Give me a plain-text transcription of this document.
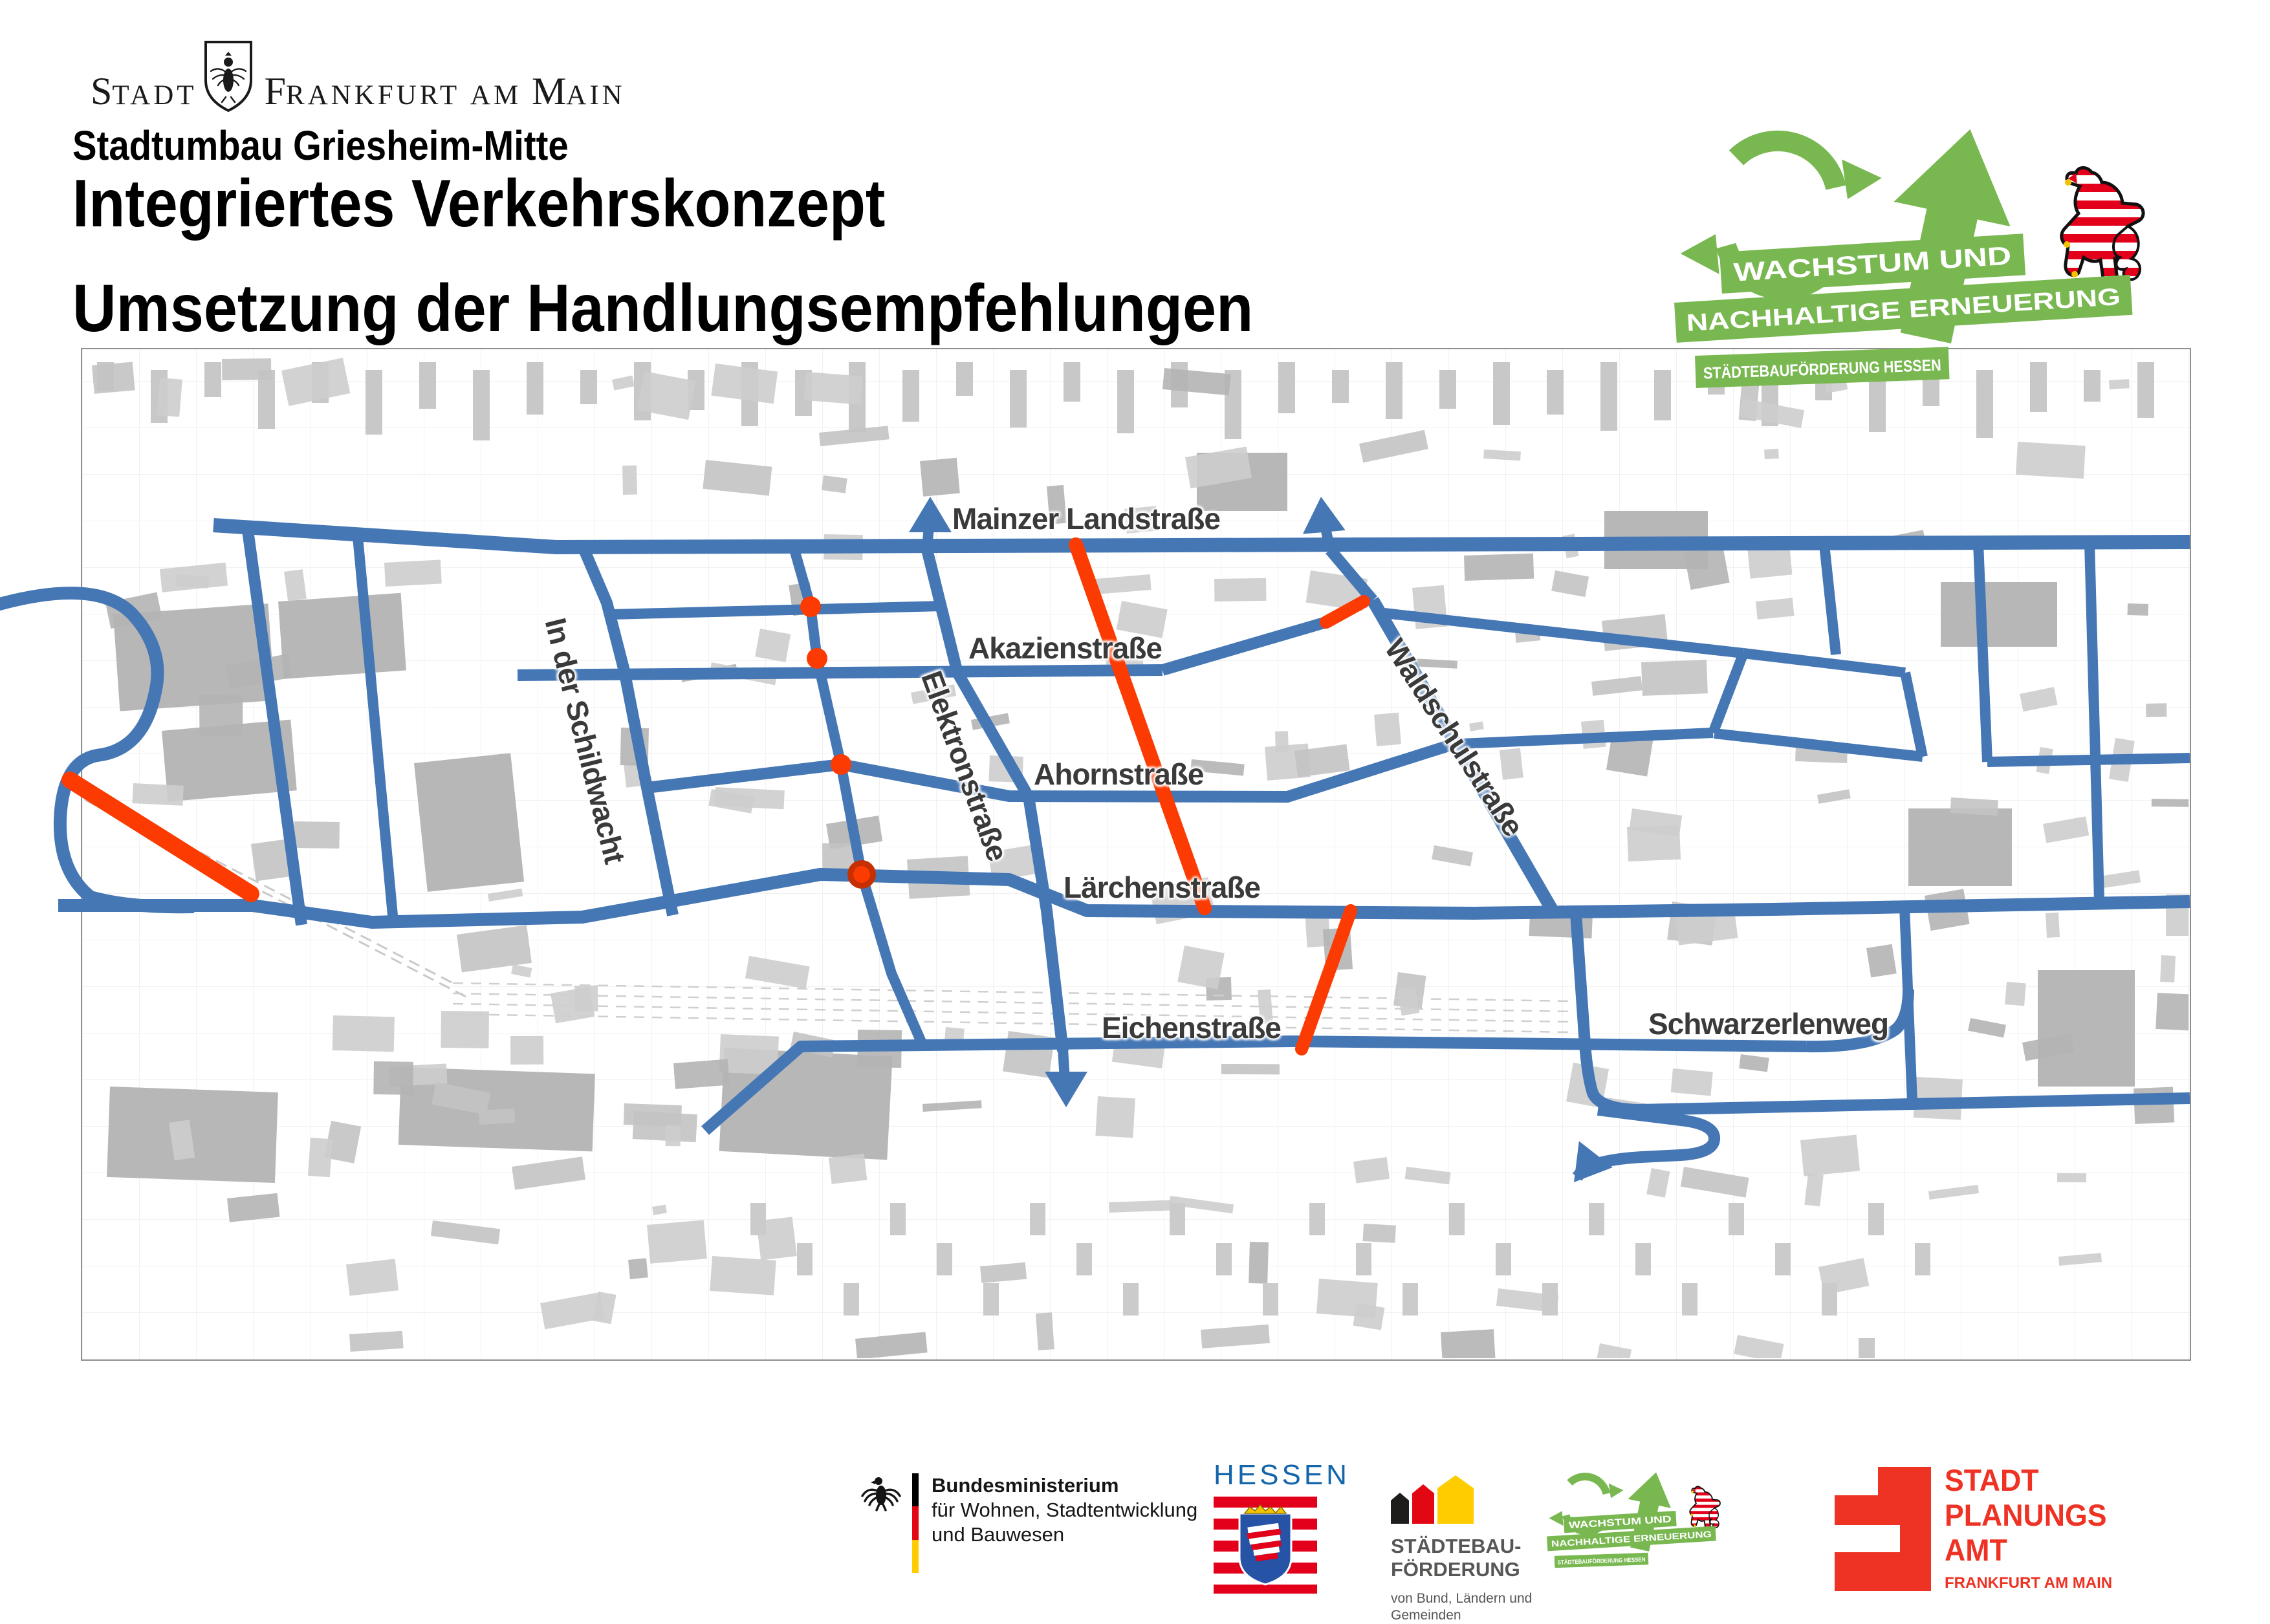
S TADT F RANKFURT AM M AIN
Stadtumbau Griesheim-Mitte
Integriertes Verkehrskonzept
Umsetzung der Handlungsempfehlungen
Mainzer Landstraße
Akazienstraße
Ahornstraße
Lärchenstraße
Eichenstraße	Schwarzerlenweg
In der Schildwacht	Elektronstraße	Waldschulstraße
WACHSTUM UND
NACHHALTIGE ERNEUERUNG
STÄDTEBAUFÖRDERUNG HESSEN
Bundesministerium
für Wohnen, Stadtentwicklung
und Bauwesen
HESSEN
STÄDTEBAU-
FÖRDERUNG
von Bund, Ländern und
Gemeinden
WACHSTUM UND
NACHHALTIGE ERNEUERUNG
STÄDTEBAUFÖRDERUNG HESSEN
STADT
PLANUNGS
AMT
FRANKFURT AM MAIN
